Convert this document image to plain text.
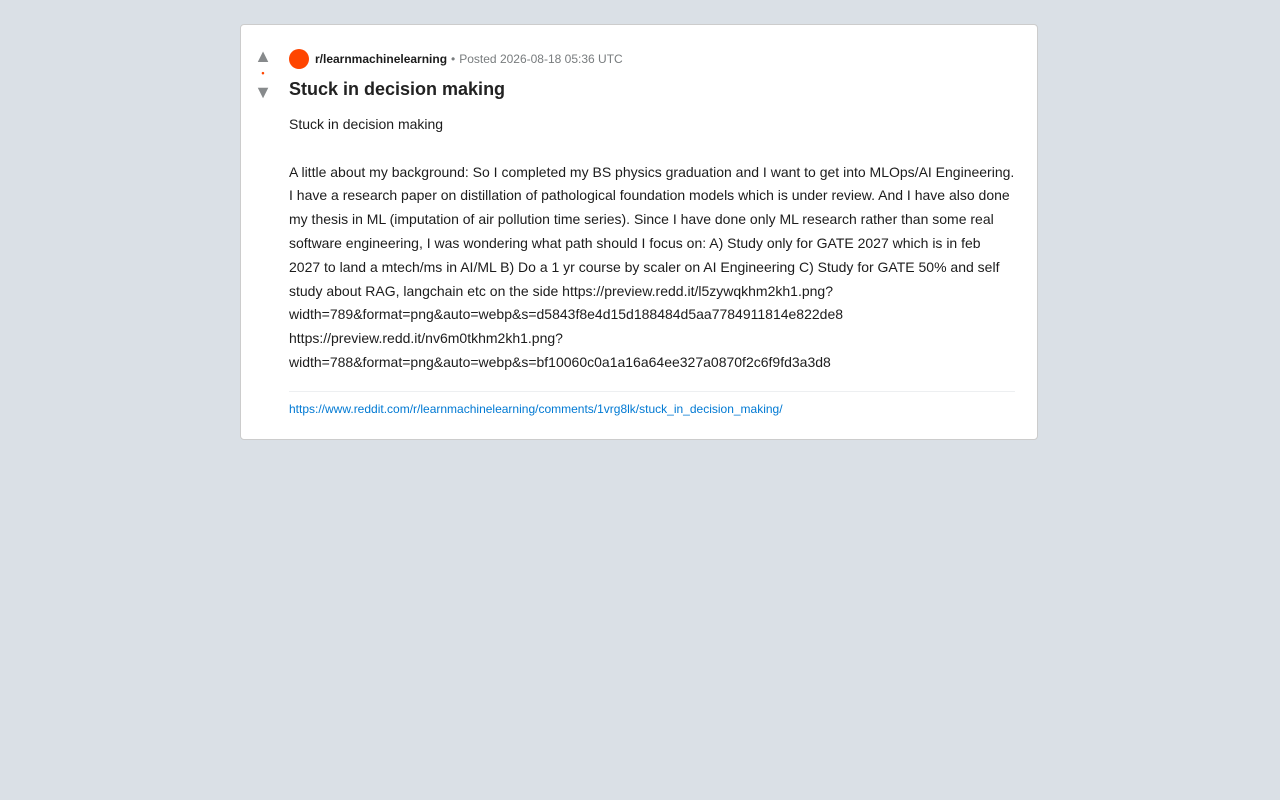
▲
•
▼
r/learnmachinelearning • Posted 2026-08-18 05:36 UTC
Stuck in decision making
Stuck in decision making

A little about my background: So I completed my BS physics graduation and I want to get into MLOps/AI Engineering. I have a research paper on distillation of pathological foundation models which is under review. And I have also done my thesis in ML (imputation of air pollution time series). Since I have done only ML research rather than some real software engineering, I was wondering what path should I focus on: A) Study only for GATE 2027 which is in feb 2027 to land a mtech/ms in AI/ML B) Do a 1 yr course by scaler on AI Engineering C) Study for GATE 50% and self study about RAG, langchain etc on the side https://preview.redd.it/l5zywqkhm2kh1.png?width=789&format=png&auto=webp&s=d5843f8e4d15d188484d5aa7784911814e822de8 https://preview.redd.it/nv6m0tkhm2kh1.png?width=788&format=png&auto=webp&s=bf10060c0a1a16a64ee327a0870f2c6f9fd3a3d8
https://www.reddit.com/r/learnmachinelearning/comments/1vrg8lk/stuck_in_decision_making/
